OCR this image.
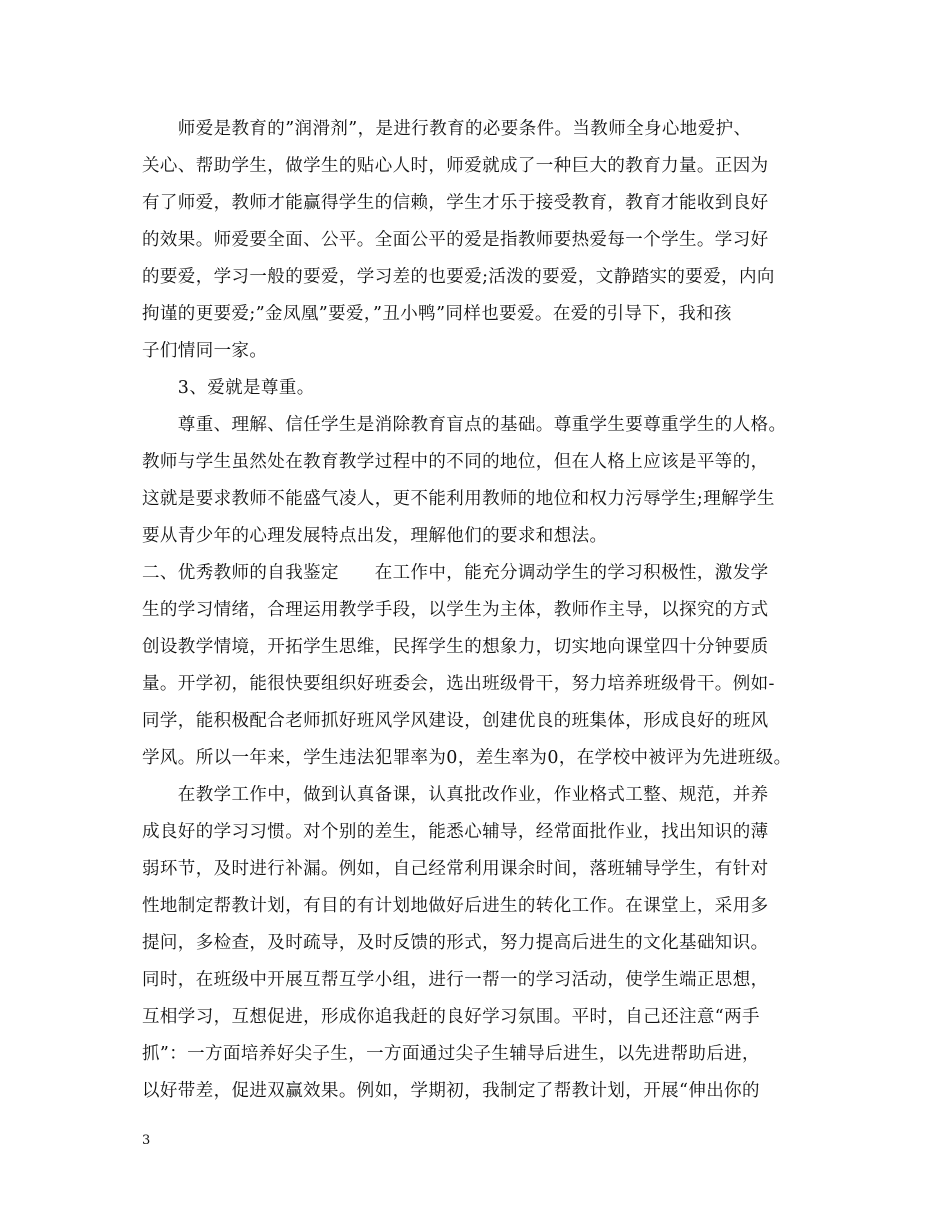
　　师爱是教育的”润滑剂”，是进行教育的必要条件。当教师全身心地爱护、
关心、帮助学生，做学生的贴心人时，师爱就成了一种巨大的教育力量。正因为
有了师爱，教师才能赢得学生的信赖，学生才乐于接受教育，教育才能收到良好
的效果。师爱要全面、公平。全面公平的爱是指教师要热爱每一个学生。学习好
的要爱，学习一般的要爱，学习差的也要爱;活泼的要爱，文静踏实的要爱，内向
拘谨的更要爱;”金凤凰”要爱，”丑小鸭”同样也要爱。在爱的引导下，我和孩
子们情同一家。
　　3、爱就是尊重。
　　尊重、理解、信任学生是消除教育盲点的基础。尊重学生要尊重学生的人格。
教师与学生虽然处在教育教学过程中的不同的地位，但在人格上应该是平等的，
这就是要求教师不能盛气凌人，更不能利用教师的地位和权力污辱学生;理解学生
要从青少年的心理发展特点出发，理解他们的要求和想法。
二、优秀教师的自我鉴定　　在工作中，能充分调动学生的学习积极性，激发学
生的学习情绪，合理运用教学手段，以学生为主体，教师作主导，以探究的方式
创设教学情境，开拓学生思维，民挥学生的想象力，切实地向课堂四十分钟要质
量。开学初，能很快要组织好班委会，选出班级骨干，努力培养班级骨干。例如-
同学，能积极配合老师抓好班风学风建设，创建优良的班集体，形成良好的班风
学风。所以一年来，学生违法犯罪率为0，差生率为0，在学校中被评为先进班级。
　　在教学工作中，做到认真备课，认真批改作业，作业格式工整、规范，并养
成良好的学习习惯。对个别的差生，能悉心辅导，经常面批作业，找出知识的薄
弱环节，及时进行补漏。例如，自己经常利用课余时间，落班辅导学生，有针对
性地制定帮教计划，有目的有计划地做好后进生的转化工作。在课堂上，采用多
提问，多检查，及时疏导，及时反馈的形式，努力提高后进生的文化基础知识。
同时，在班级中开展互帮互学小组，进行一帮一的学习活动，使学生端正思想，
互相学习，互想促进，形成你追我赶的良好学习氛围。平时，自己还注意“两手
抓”：一方面培养好尖子生，一方面通过尖子生辅导后进生，以先进帮助后进，
以好带差，促进双赢效果。例如，学期初，我制定了帮教计划，开展“伸出你的
3
